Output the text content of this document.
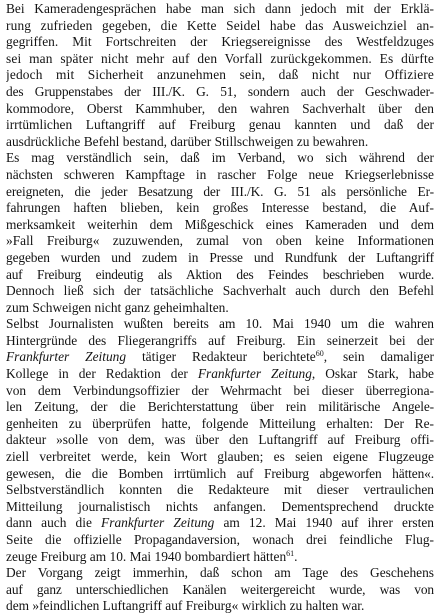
Bei Kameradengesprächen habe man sich dann jedoch mit der Erklä-
rung zufrieden gegeben, die Kette Seidel habe das Ausweichziel an-
gegriffen. Mit Fortschreiten der Kriegsereignisse des Westfeldzuges
sei man später nicht mehr auf den Vorfall zurückgekommen. Es dürfte
jedoch mit Sicherheit anzunehmen sein, daß nicht nur Offiziere
des Gruppenstabes der III./K. G. 51, sondern auch der Geschwader-
kommodore, Oberst Kammhuber, den wahren Sachverhalt über den
irrtümlichen Luftangriff auf Freiburg genau kannten und daß der
ausdrückliche Befehl bestand, darüber Stillschweigen zu bewahren.

Es mag verständlich sein, daß im Verband, wo sich während der
nächsten schweren Kampftage in rascher Folge neue Kriegserlebnisse
ereigneten, die jeder Besatzung der III./K. G. 51 als persönliche Er-
fahrungen haften blieben, kein großes Interesse bestand, die Auf-
merksamkeit weiterhin dem Mißgeschick eines Kameraden und dem
»Fall Freiburg« zuzuwenden, zumal von oben keine Informationen
gegeben wurden und zudem in Presse und Rundfunk der Luftangriff
auf Freiburg eindeutig als Aktion des Feindes beschrieben wurde.
Dennoch ließ sich der tatsächliche Sachverhalt auch durch den Befehl
zum Schweigen nicht ganz geheimhalten.

Selbst Journalisten wußten bereits am 10. Mai 1940 um die wahren
Hintergründe des Fliegerangriffs auf Freiburg. Ein seinerzeit bei der
Frankfurter Zeitung tätiger Redakteur berichtete$^{60}$, sein damaliger
Kollege in der Redaktion der Frankfurter Zeitung, Oskar Stark, habe
von dem Verbindungsoffizier der Wehrmacht bei dieser überregiona-
len Zeitung, der die Berichterstattung über rein militärische Angele-
genheiten zu überprüfen hatte, folgende Mitteilung erhalten: Der Re-
dakteur »solle von dem, was über den Luftangriff auf Freiburg offi-
ziell verbreitet werde, kein Wort glauben; es seien eigene Flugzeuge
gewesen, die die Bomben irrtümlich auf Freiburg abgeworfen hätten«.
Selbstverständlich konnten die Redakteure mit dieser vertraulichen
Mitteilung journalistisch nichts anfangen. Dementsprechend druckte
dann auch die Frankfurter Zeitung am 12. Mai 1940 auf ihrer ersten
Seite die offizielle Propagandaversion, wonach drei feindliche Flug-
zeuge Freiburg am 10. Mai 1940 bombardiert hätten$^{61}$.

Der Vorgang zeigt immerhin, daß schon am Tage des Geschehens
auf ganz unterschiedlichen Kanälen weitergereicht wurde, was von
dem »feindlichen Luftangriff auf Freiburg« wirklich zu halten war.
